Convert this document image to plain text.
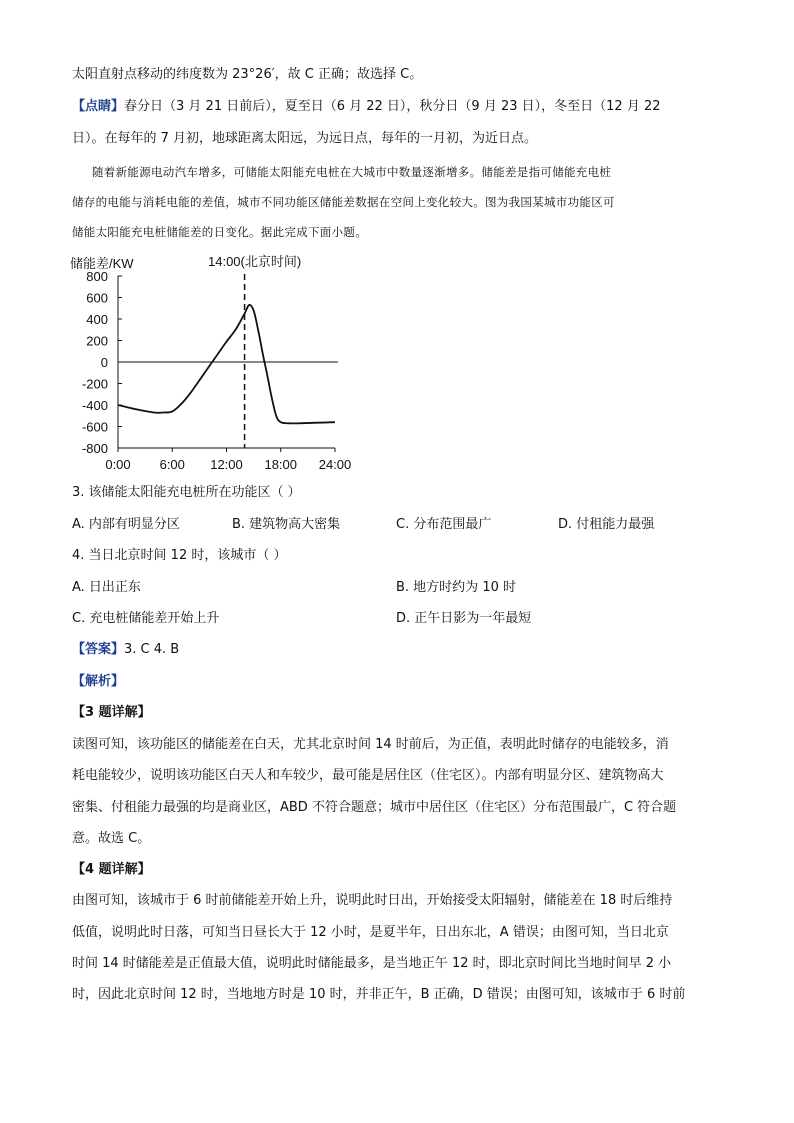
太阳直射点移动的纬度数为 23°26′，故 C 正确；故选择 C。
【点睛】春分日（3 月 21 日前后），夏至日（6 月 22 日），秋分日（9 月 23 日），冬至日（12 月 22
日）。在每年的 7 月初，地球距离太阳远，为远日点，每年的一月初，为近日点。
随着新能源电动汽车增多，可储能太阳能充电桩在大城市中数量逐渐增多。储能差是指可储能充电桩
储存的电能与消耗电能的差值，城市不同功能区储能差数据在空间上变化较大。图为我国某城市功能区可
储能太阳能充电桩储能差的日变化。据此完成下面小题。
储能差/KW	14:00(北京时间)
800
600
400
200
0
-200
-400
-600
-800
0:00 6:00 12:00 18:00 24:00
3. 该储能太阳能充电桩所在功能区（ ）
A. 内部有明显分区	B. 建筑物高大密集	C. 分布范围最广	D. 付租能力最强
4. 当日北京时间 12 时，该城市（ ）
A. 日出正东	B. 地方时约为 10 时
C. 充电桩储能差开始上升	D. 正午日影为一年最短
【答案】3. C 4. B
【解析】
【3 题详解】
读图可知，该功能区的储能差在白天，尤其北京时间 14 时前后，为正值，表明此时储存的电能较多，消
耗电能较少，说明该功能区白天人和车较少，最可能是居住区（住宅区）。内部有明显分区、建筑物高大
密集、付租能力最强的均是商业区，ABD 不符合题意；城市中居住区（住宅区）分布范围最广，C 符合题
意。故选 C。
【4 题详解】
由图可知，该城市于 6 时前储能差开始上升，说明此时日出，开始接受太阳辐射，储能差在 18 时后维持
低值，说明此时日落，可知当日昼长大于 12 小时，是夏半年，日出东北，A 错误；由图可知，当日北京
时间 14 时储能差是正值最大值，说明此时储能最多，是当地正午 12 时，即北京时间比当地时间早 2 小
时，因此北京时间 12 时，当地地方时是 10 时，并非正午，B 正确，D 错误；由图可知，该城市于 6 时前
